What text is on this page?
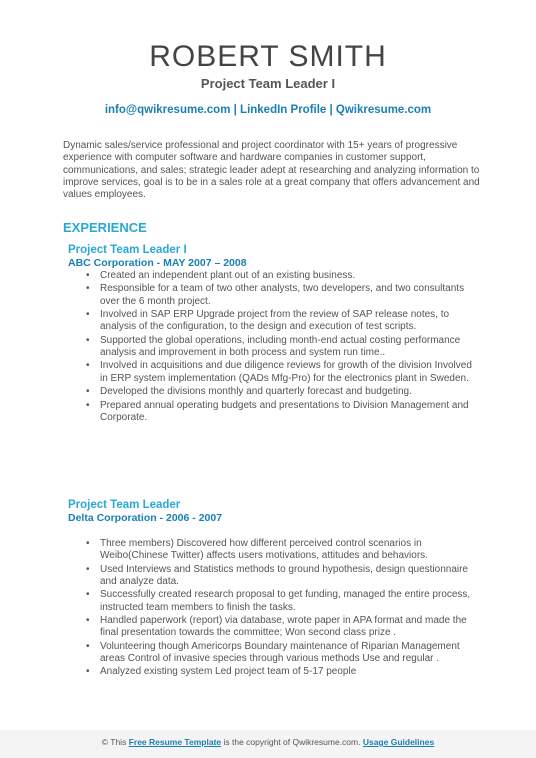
ROBERT SMITH
Project Team Leader I
info@qwikresume.com | LinkedIn Profile | Qwikresume.com
Dynamic sales/service professional and project coordinator with 15+ years of progressive experience with computer software and hardware companies in customer support, communications, and sales; strategic leader adept at researching and analyzing information to improve services, goal is to be in a sales role at a great company that offers advancement and values employees.
EXPERIENCE
Project Team Leader I
ABC Corporation - MAY 2007 – 2008
• Created an independent plant out of an existing business.
• Responsible for a team of two other analysts, two developers, and two consultants over the 6 month project.
• Involved in SAP ERP Upgrade project from the review of SAP release notes, to analysis of the configuration, to the design and execution of test scripts.
• Supported the global operations, including month-end actual costing performance analysis and improvement in both process and system run time..
• Involved in acquisitions and due diligence reviews for growth of the division Involved in ERP system implementation (QADs Mfg-Pro) for the electronics plant in Sweden.
• Developed the divisions monthly and quarterly forecast and budgeting.
• Prepared annual operating budgets and presentations to Division Management and Corporate.
Project Team Leader
Delta Corporation - 2006 - 2007
• Three members) Discovered how different perceived control scenarios in Weibo(Chinese Twitter) affects users motivations, attitudes and behaviors.
• Used Interviews and Statistics methods to ground hypothesis, design questionnaire and analyze data.
• Successfully created research proposal to get funding, managed the entire process, instructed team members to finish the tasks.
• Handled paperwork (report) via database, wrote paper in APA format and made the final presentation towards the committee; Won second class prize .
• Volunteering though Americorps Boundary maintenance of Riparian Management areas Control of invasive species through various methods Use and regular .
• Analyzed existing system Led project team of 5-17 people
© This Free Resume Template is the copyright of Qwikresume.com. Usage Guidelines
